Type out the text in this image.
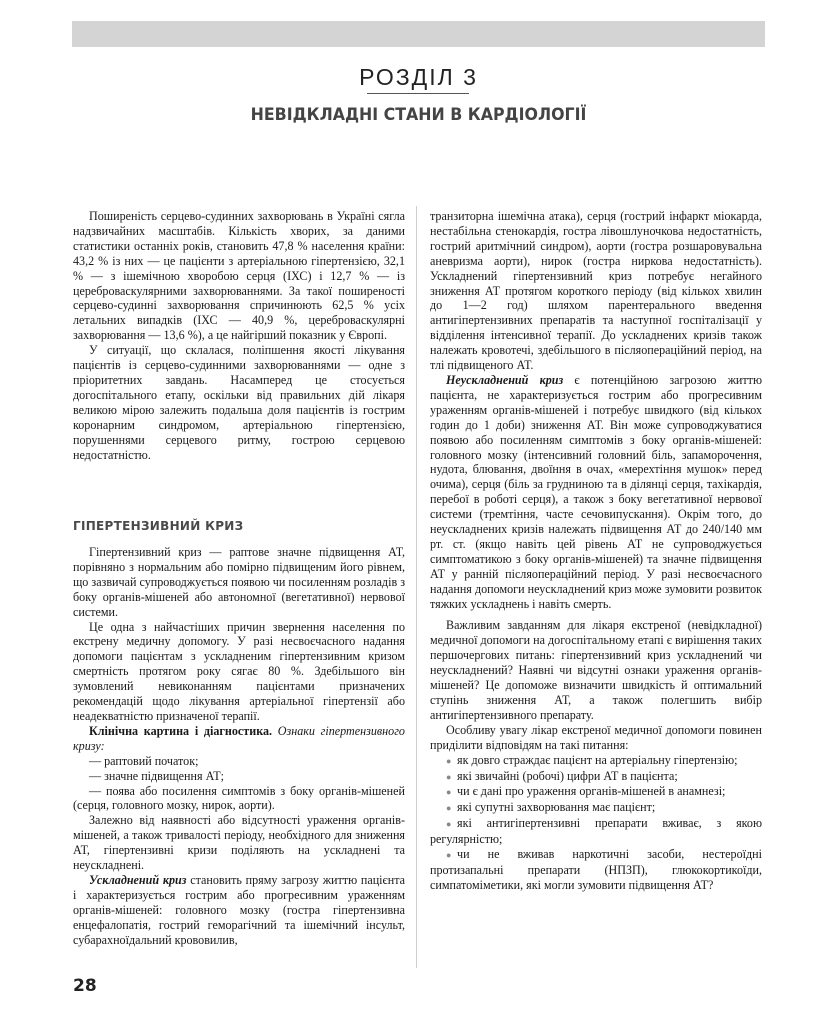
РОЗДІЛ 3
НЕВІДКЛАДНІ СТАНИ В КАРДІОЛОГІЇ

Поширеність серцево-судинних захворювань в Україні сягла надзвичайних масштабів. Кількість хворих, за даними статистики останніх років, становить 47,8 % населення країни: 43,2 % із них — це пацієнти з артеріальною гіпертензією, 32,1 % — з ішемічною хворобою серця (ІХС) і 12,7 % — із цереброваскулярними захворюваннями. За такої поширеності серцево-судинні захворювання спричинюють 62,5 % усіх летальних випадків (ІХС — 40,9 %, цереброваскулярні захворювання — 13,6 %), а це найгірший показник у Європі.

У ситуації, що склалася, поліпшення якості лікування пацієнтів із серцево-судинними захворюваннями — одне з пріоритетних завдань. Насамперед це стосується догоспітального етапу, оскільки від правильних дій лікаря великою мірою залежить подальша доля пацієнтів із гострим коронарним синдромом, артеріальною гіпертензією, порушеннями серцевого ритму, гострою серцевою недостатністю.

ГІПЕРТЕНЗИВНИЙ КРИЗ

Гіпертензивний криз — раптове значне підвищення АТ, порівняно з нормальним або помірно підвищеним його рівнем, що зазвичай супроводжується появою чи посиленням розладів з боку органів-мішеней або автономної (вегетативної) нервової системи.

Це одна з найчастіших причин звернення населення по екстрену медичну допомогу. У разі несвоєчасного надання допомоги пацієнтам з ускладненим гіпертензивним кризом смертність протягом року сягає 80 %. Здебільшого він зумовлений невиконанням пацієнтами призначених рекомендацій щодо лікування артеріальної гіпертензії або неадекватністю призначеної терапії.

Клінічна картина і діагностика. Ознаки гіпертензивного кризу:

— раптовий початок;

— значне підвищення АТ;

— поява або посилення симптомів з боку органів-мішеней (серця, головного мозку, нирок, аорти).

Залежно від наявності або відсутності ураження органів-мішеней, а також тривалості періоду, необхідного для зниження АТ, гіпертензивні кризи поділяють на ускладнені та неускладнені.

Ускладнений криз становить пряму загрозу життю пацієнта і характеризується гострим або прогресивним ураженням органів-мішеней: головного мозку (гостра гіпертензивна енцефалопатія, гострий геморагічний та ішемічний інсульт, субарахноїдальний крововилив,

транзиторна ішемічна атака), серця (гострий інфаркт міокарда, нестабільна стенокардія, гостра лівошлуночкова недостатність, гострий аритмічний синдром), аорти (гостра розшаровувальна аневризма аорти), нирок (гостра ниркова недостатність). Ускладнений гіпертензивний криз потребує негайного зниження АТ протягом короткого періоду (від кількох хвилин до 1—2 год) шляхом парентерального введення антигіпертензивних препаратів та наступної госпіталізації у відділення інтенсивної терапії. До ускладнених кризів також належать кровотечі, здебільшого в післяопераційний період, на тлі підвищеного АТ.

Неускладнений криз є потенційною загрозою життю пацієнта, не характеризується гострим або прогресивним ураженням органів-мішеней і потребує швидкого (від кількох годин до 1 доби) зниження АТ. Він може супроводжуватися появою або посиленням симптомів з боку органів-мішеней: головного мозку (інтенсивний головний біль, запаморочення, нудота, блювання, двоїння в очах, «мерехтіння мушок» перед очима), серця (біль за грудниною та в ділянці серця, тахікардія, перебої в роботі серця), а також з боку вегетативної нервової системи (тремтіння, часте сечовипускання). Окрім того, до неускладнених кризів належать підвищення АТ до 240/140 мм рт. ст. (якщо навіть цей рівень АТ не супроводжується симптоматикою з боку органів-мішеней) та значне підвищення АТ у ранній післяопераційний період. У разі несвоєчасного надання допомоги неускладнений криз може зумовити розвиток тяжких ускладнень і навіть смерть.

Важливим завданням для лікаря екстреної (невідкладної) медичної допомоги на догоспітальному етапі є вирішення таких першочергових питань: гіпертензивний криз ускладнений чи неускладнений? Наявні чи відсутні ознаки ураження органів-мішеней? Це допоможе визначити швидкість й оптимальний ступінь зниження АТ, а також полегшить вибір антигіпертензивного препарату.

Особливу увагу лікар екстреної медичної допомоги повинен приділити відповідям на такі питання:

● як довго страждає пацієнт на артеріальну гіпертензію;

● які звичайні (робочі) цифри АТ в пацієнта;

● чи є дані про ураження органів-мішеней в анамнезі;

● які супутні захворювання має пацієнт;

● які антигіпертензивні препарати вживає, з якою регулярністю;

● чи не вживав наркотичні засоби, нестероїдні протизапальні препарати (НПЗП), глюкокортикоїди, симпатоміметики, які могли зумовити підвищення АТ?

28
